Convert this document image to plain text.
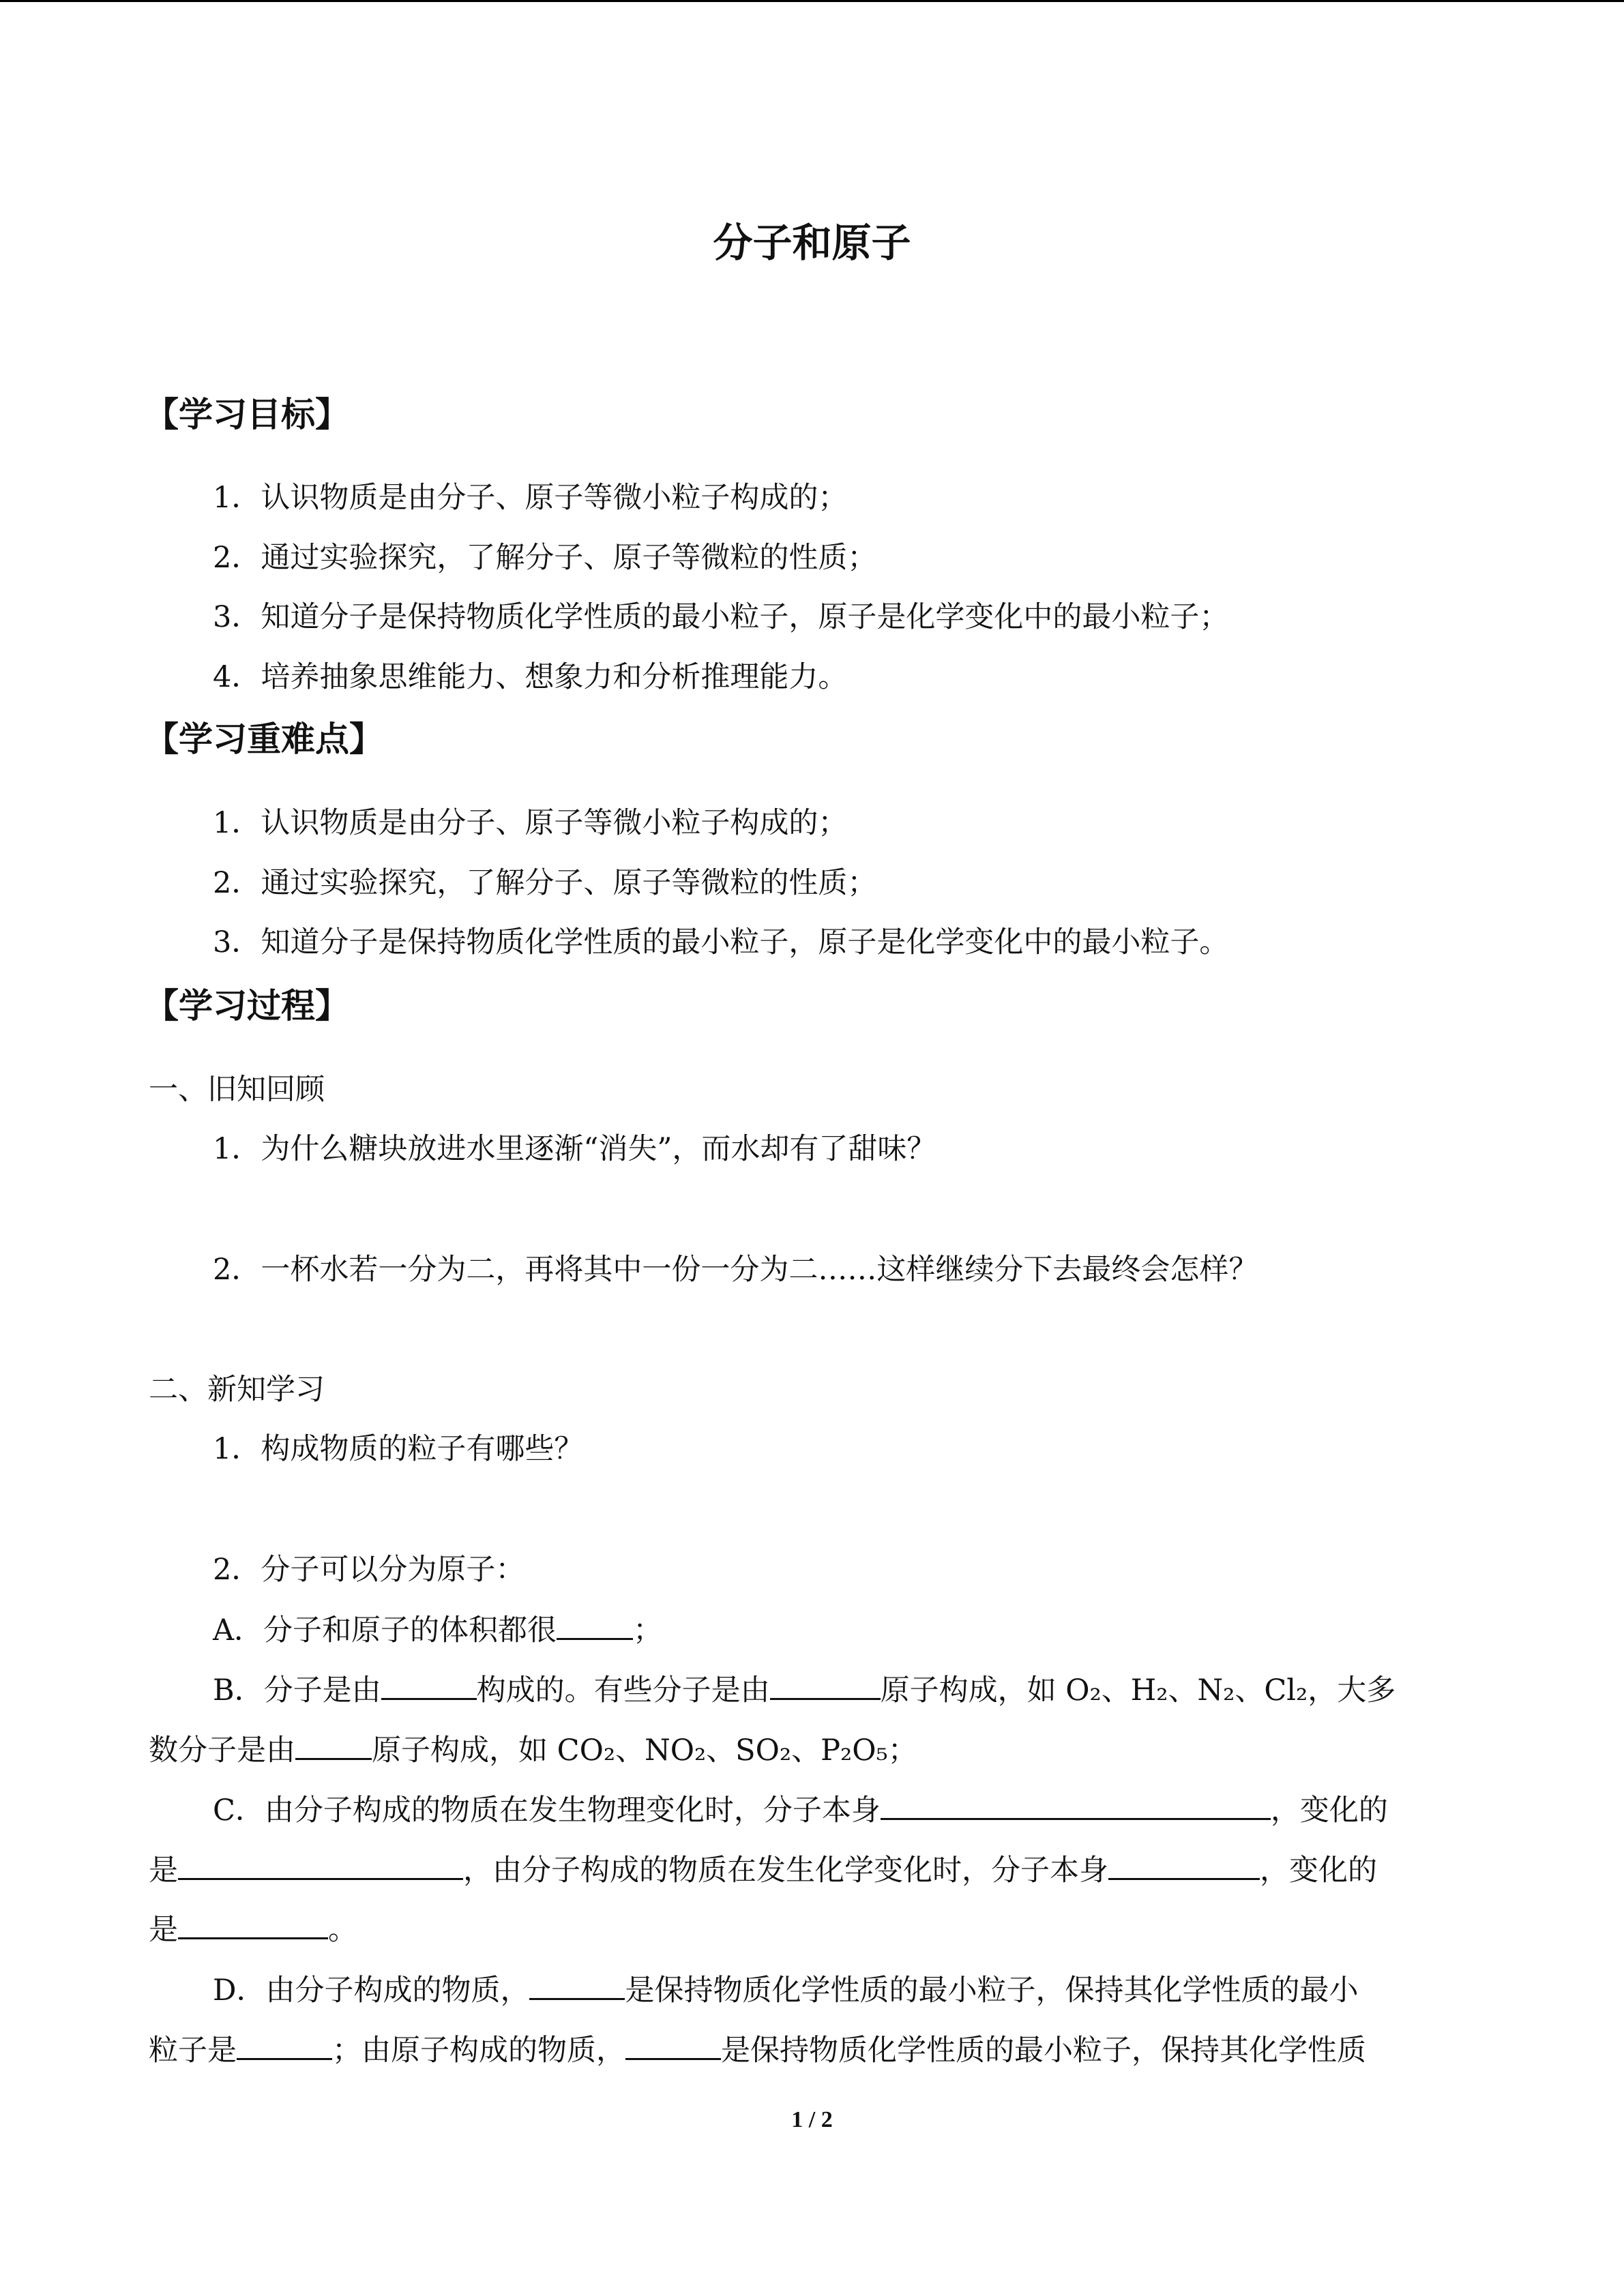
分子和原子
【学习目标】
1．认识物质是由分子、原子等微小粒子构成的；
2．通过实验探究，了解分子、原子等微粒的性质；
3．知道分子是保持物质化学性质的最小粒子，原子是化学变化中的最小粒子；
4．培养抽象思维能力、想象力和分析推理能力。
【学习重难点】
1．认识物质是由分子、原子等微小粒子构成的；
2．通过实验探究，了解分子、原子等微粒的性质；
3．知道分子是保持物质化学性质的最小粒子，原子是化学变化中的最小粒子。
【学习过程】
一、旧知回顾
1．为什么糖块放进水里逐渐“消失”，而水却有了甜味？
2．一杯水若一分为二，再将其中一份一分为二……这样继续分下去最终会怎样？
二、新知学习
1．构成物质的粒子有哪些？
2．分子可以分为原子：
A．分子和原子的体积都很	；
B．分子是由	构成的。有些分子是由	原子构成，如 O₂、H₂、N₂、Cl₂，大多
数分子是由	原子构成，如 CO₂、NO₂、SO₂、P₂O₅；
C．由分子构成的物质在发生物理变化时，分子本身	，变化的
是	，由分子构成的物质在发生化学变化时，分子本身	，变化的
是	。
D．由分子构成的物质，	是保持物质化学性质的最小粒子，保持其化学性质的最小
粒子是	；由原子构成的物质，	是保持物质化学性质的最小粒子，保持其化学性质
1 / 2
